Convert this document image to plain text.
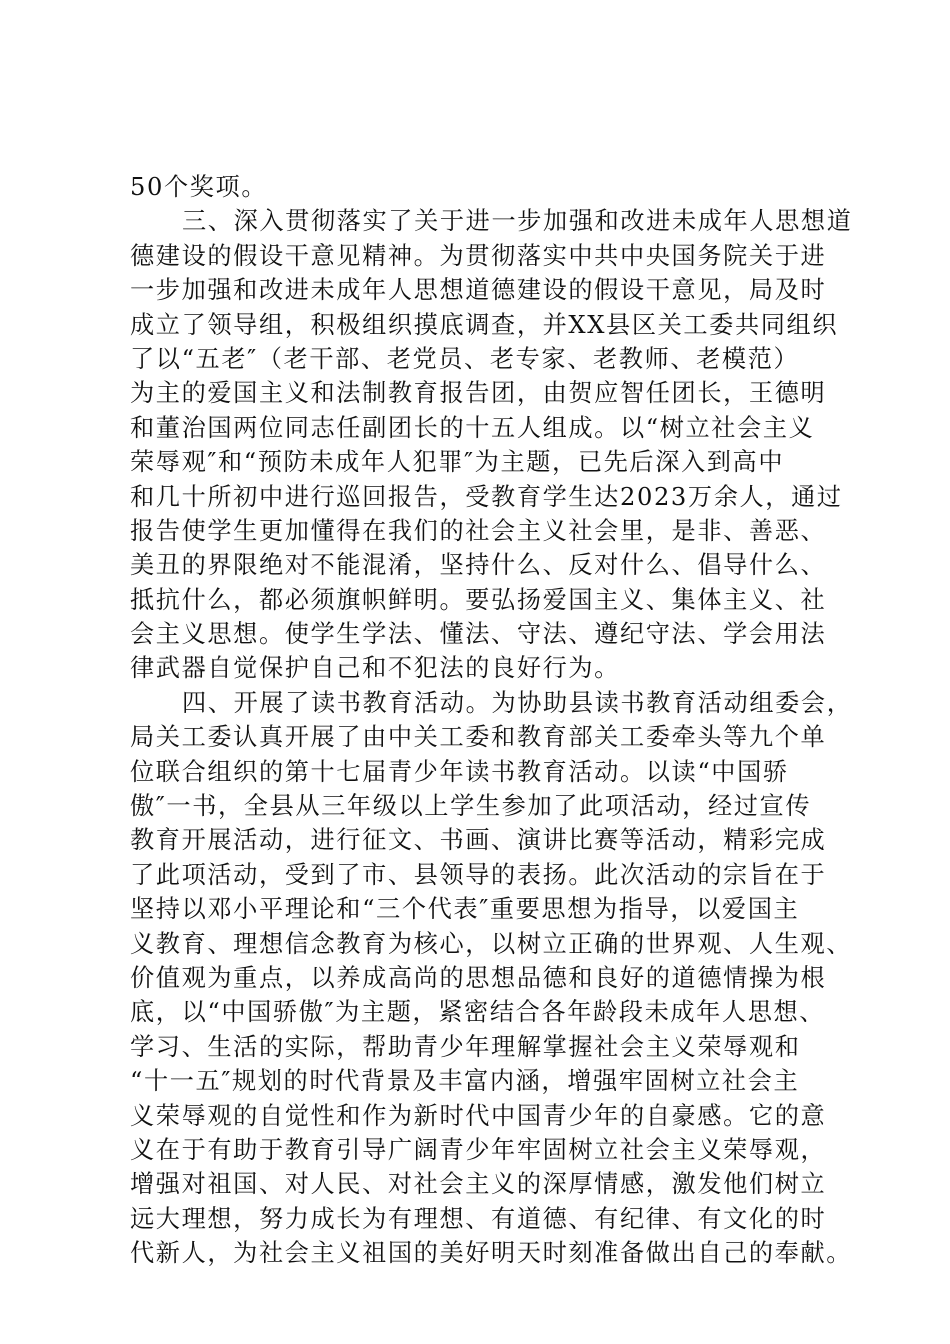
50个奖项。
三、深入贯彻落实了关于进一步加强和改进未成年人思想道
德建设的假设干意见精神。为贯彻落实中共中央国务院关于进
一步加强和改进未成年人思想道德建设的假设干意见，局及时
成立了领导组，积极组织摸底调查，并XX县区关工委共同组织
了以“五老″（老干部、老党员、老专家、老教师、老模范）
为主的爱国主义和法制教育报告团，由贺应智任团长，王德明
和董治国两位同志任副团长的十五人组成。以“树立社会主义
荣辱观″和“预防未成年人犯罪″为主题，已先后深入到高中
和几十所初中进行巡回报告，受教育学生达2023万余人，通过
报告使学生更加懂得在我们的社会主义社会里，是非、善恶、
美丑的界限绝对不能混淆，坚持什么、反对什么、倡导什么、
抵抗什么，都必须旗帜鲜明。要弘扬爱国主义、集体主义、社
会主义思想。使学生学法、懂法、守法、遵纪守法、学会用法
律武器自觉保护自己和不犯法的良好行为。
四、开展了读书教育活动。为协助县读书教育活动组委会，
局关工委认真开展了由中关工委和教育部关工委牵头等九个单
位联合组织的第十七届青少年读书教育活动。以读“中国骄
傲″一书，全县从三年级以上学生参加了此项活动，经过宣传
教育开展活动，进行征文、书画、演讲比赛等活动，精彩完成
了此项活动，受到了市、县领导的表扬。此次活动的宗旨在于
坚持以邓小平理论和“三个代表″重要思想为指导，以爱国主
义教育、理想信念教育为核心，以树立正确的世界观、人生观、
价值观为重点，以养成高尚的思想品德和良好的道德情操为根
底，以“中国骄傲″为主题，紧密结合各年龄段未成年人思想、
学习、生活的实际，帮助青少年理解掌握社会主义荣辱观和
“十一五″规划的时代背景及丰富内涵，增强牢固树立社会主
义荣辱观的自觉性和作为新时代中国青少年的自豪感。它的意
义在于有助于教育引导广阔青少年牢固树立社会主义荣辱观，
增强对祖国、对人民、对社会主义的深厚情感，激发他们树立
远大理想，努力成长为有理想、有道德、有纪律、有文化的时
代新人，为社会主义祖国的美好明天时刻准备做出自己的奉献。
